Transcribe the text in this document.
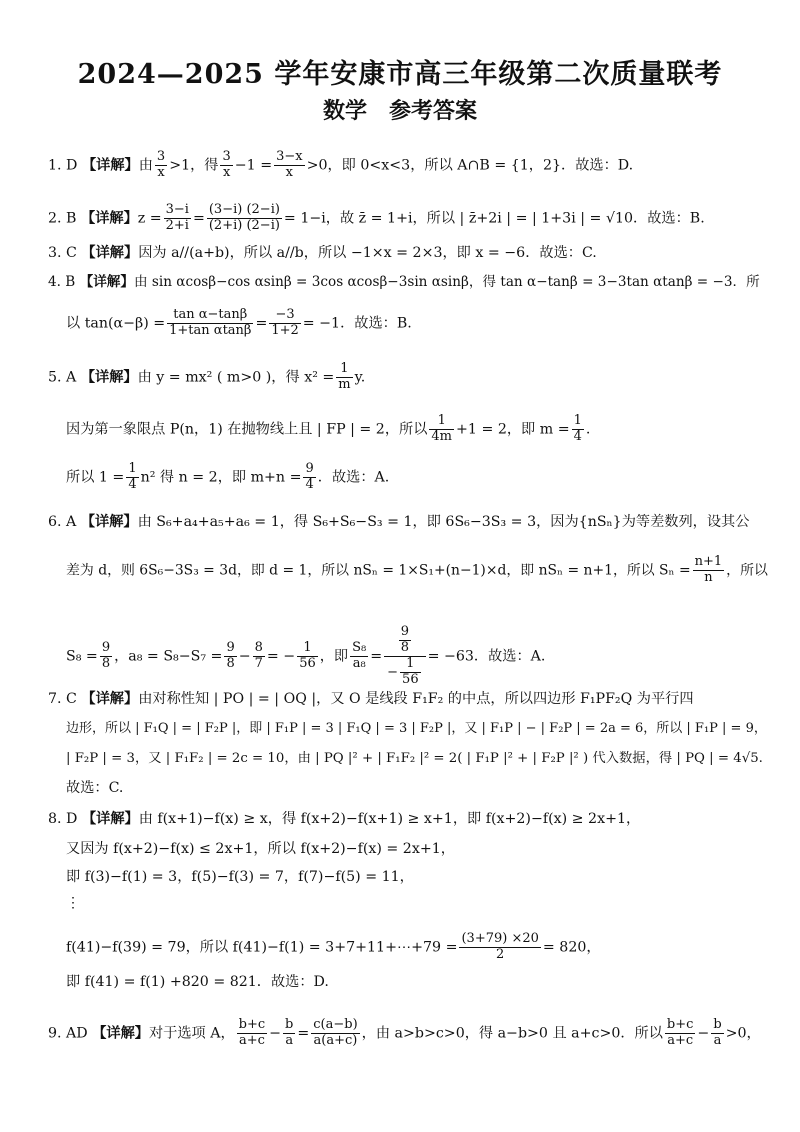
2024—2025 学年安康市高三年级第二次质量联考
数学　参考答案
1. D 【详解】由 $\frac{3}{x} >1$，得 $\frac{3}{x} -1 = \frac{3-x}{x} >0$，即 0<x<3，所以 A∩B = {1，2}．故选：D.
2. B 【详解】$z = \frac{3-i}{2+i} = \frac{(3-i) (2-i)}{(2+i) (2-i)} = 1-i$，故 z̄ = 1+i，所以 | z̄+2i | = | 1+3i | = √10．故选：B.
3. C 【详解】因为 a//(a+b)，所以 a//b，所以 −1×x = 2×3，即 x = −6．故选：C.
4. B 【详解】由 sin αcosβ−cos αsinβ = 3cos αcosβ−3sin αsinβ，得 tan α−tanβ = 3−3tan αtanβ = −3．所
以 $\tan(\alpha-\beta) = \frac{\text{tan α−tanβ}}{\text{1+tan αtanβ}} = \frac{-3}{1+2} = -1$．故选：B.
5. A 【详解】由 y = mx² ( m>0 )，得 $x^2 = \frac{1}{m} y$.
因为第一象限点 P(n，1) 在抛物线上且 | FP | = 2，所以 $\frac{1}{4m} +1 = 2$，即 $m = \frac{1}{4}$ .
所以 $1 = \frac{1}{4} n^2$ 得 n = 2，即 $m+n = \frac{9}{4}$ ．故选：A.
6. A 【详解】由 S₆+a₄+a₅+a₆ = 1，得 S₆+S₆−S₃ = 1，即 6S₆−3S₃ = 3，因为{nSₙ}为等差数列，设其公
差为 d，则 6S₆−3S₃ = 3d，即 d = 1，所以 nSₙ = 1×S₁+(n−1)×d，即 nSₙ = n+1，所以 $S_n = \frac{n+1}{n}$ ，所以
$S_8 = \frac{9}{8}$ ，$a_8 = S_8-S_7 = \frac{9}{8} - \frac{8}{7}$ = − $\frac{1}{56}$ ，即 $\frac{\text{S₈}}{\text{a₈}} = \frac{\frac{9}{8}}{- \frac{1}{56}} = -63$．故选：A.
7. C 【详解】由对称性知 | PO | = | OQ |，又 O 是线段 F₁F₂ 的中点，所以四边形 F₁PF₂Q 为平行四
边形，所以 | F₁Q | = | F₂P |，即 | F₁P | = 3 | F₁Q | = 3 | F₂P |，又 | F₁P | − | F₂P | = 2a = 6，所以 | F₁P | = 9，
| F₂P | = 3，又 | F₁F₂ | = 2c = 10，由 | PQ |² + | F₁F₂ |² = 2( | F₁P |² + | F₂P |² ) 代入数据，得 | PQ | = 4√5.
故选：C.
8. D 【详解】由 f(x+1)−f(x) ≥ x，得 f(x+2)−f(x+1) ≥ x+1，即 f(x+2)−f(x) ≥ 2x+1，
又因为 f(x+2)−f(x) ≤ 2x+1，所以 f(x+2)−f(x) = 2x+1，
即 f(3)−f(1) = 3，f(5)−f(3) = 7，f(7)−f(5) = 11，
⋮
f(41)−f(39) = 79，所以 f(41)−f(1) = 3+7+11+⋯+79 = $\frac{(3+79) \times 20}{2} = 820$，
即 f(41) = f(1) +820 = 821．故选：D.
9. AD 【详解】对于选项 A， $\frac{b+c}{a+c} - \frac{b}{a} = \frac{c(a-b)}{a(a+c)}$ ，由 a>b>c>0，得 a−b>0 且 a+c>0．所以 $\frac{b+c}{a+c} - \frac{b}{a} >0$，
